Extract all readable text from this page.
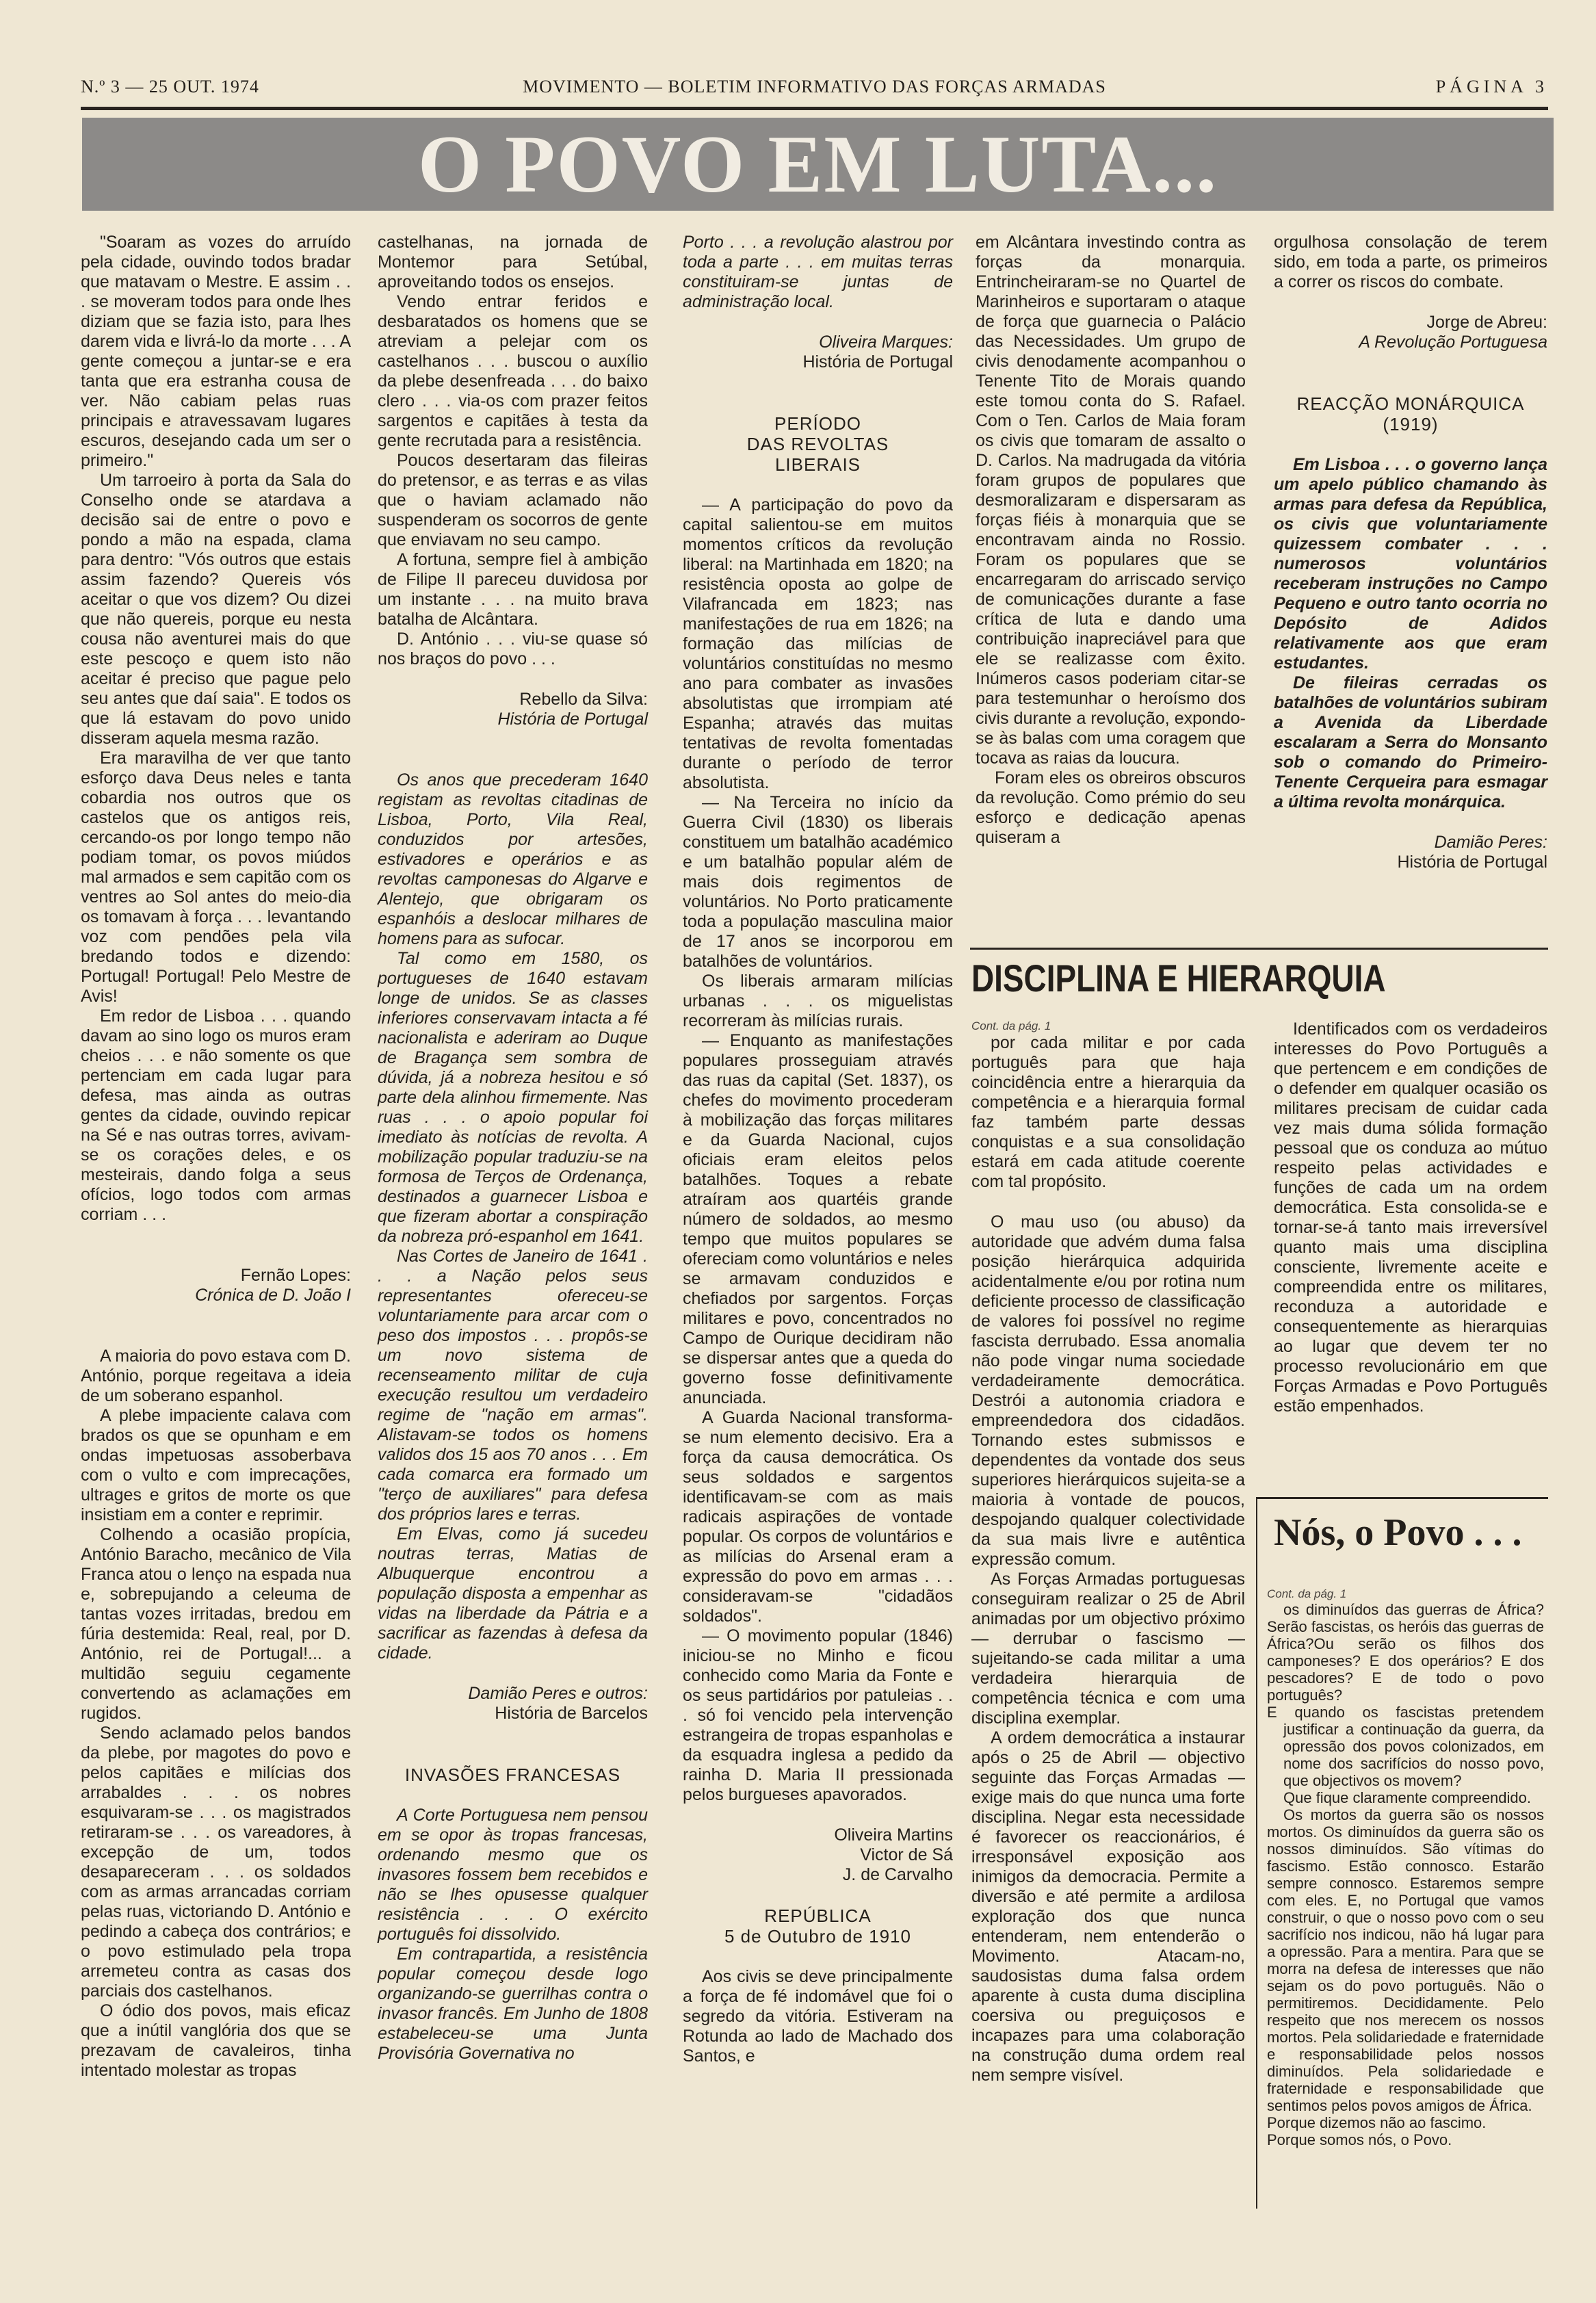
N.º 3 — 25 OUT. 1974	MOVIMENTO — BOLETIM INFORMATIVO DAS FORÇAS ARMADAS	PÁGINA 3
O POVO EM LUTA...

"Soaram as vozes do arruído pela cidade, ouvindo todos bradar que matavam o Mestre. E assim . . . se moveram todos para onde lhes diziam que se fazia isto, para lhes darem vida e livrá-lo da morte . . . A gente começou a juntar-se e era tanta que era estranha cousa de ver. Não cabiam pelas ruas principais e atravessavam lugares escuros, desejando cada um ser o primeiro."

Um tarroeiro à porta da Sala do Conselho onde se atardava a decisão sai de entre o povo e pondo a mão na espada, clama para dentro: "Vós outros que estais assim fazendo? Quereis vós aceitar o que vos dizem? Ou dizei que não quereis, porque eu nesta cousa não aventurei mais do que este pescoço e quem isto não aceitar é preciso que pague pelo seu antes que daí saia". E todos os que lá estavam do povo unido disseram aquela mesma razão.

Era maravilha de ver que tanto esforço dava Deus neles e tanta cobardia nos outros que os castelos que os antigos reis, cercando-os por longo tempo não podiam tomar, os povos miúdos mal armados e sem capitão com os ventres ao Sol antes do meio-dia os tomavam à força . . . levantando voz com pendões pela vila bredando todos e dizendo: Portugal! Portugal! Pelo Mestre de Avis!

Em redor de Lisboa . . . quando davam ao sino logo os muros eram cheios . . . e não somente os que pertenciam em cada lugar para defesa, mas ainda as outras gentes da cidade, ouvindo repicar na Sé e nas outras torres, avivam-se os corações deles, e os mesteirais, dando folga a seus ofícios, logo todos com armas corriam . . .

Fernão Lopes:
Crónica de D. João I

A maioria do povo estava com D. António, porque regeitava a ideia de um soberano espanhol.

A plebe impaciente calava com brados os que se opunham e em ondas impetuosas assoberbava com o vulto e com imprecações, ultrages e gritos de morte os que insistiam em a conter e reprimir.

Colhendo a ocasião propícia, António Baracho, mecânico de Vila Franca atou o lenço na espada nua e, sobrepujando a celeuma de tantas vozes irritadas, bredou em fúria destemida: Real, real, por D. António, rei de Portugal!... a multidão seguiu cegamente convertendo as aclamações em rugidos.

Sendo aclamado pelos bandos da plebe, por magotes do povo e pelos capitães e milícias dos arrabaldes . . . os nobres esquivaram-se . . . os magistrados retiraram-se . . . os vareadores, à excepção de um, todos desapareceram . . . os soldados com as armas arrancadas corriam pelas ruas, victoriando D. António e pedindo a cabeça dos contrários; e o povo estimulado pela tropa arremeteu contra as casas dos parciais dos castelhanos.

O ódio dos povos, mais eficaz que a inútil vanglória dos que se prezavam de cavaleiros, tinha intentado molestar as tropas

castelhanas, na jornada de Montemor para Setúbal, aproveitando todos os ensejos.

Vendo entrar feridos e desbaratados os homens que se atreviam a pelejar com os castelhanos . . . buscou o auxílio da plebe desenfreada . . . do baixo clero . . . via-os com prazer feitos sargentos e capitães à testa da gente recrutada para a resistência.

Poucos desertaram das fileiras do pretensor, e as terras e as vilas que o haviam aclamado não suspenderam os socorros de gente que enviavam no seu campo.

A fortuna, sempre fiel à ambição de Filipe II pareceu duvidosa por um instante . . . na muito brava batalha de Alcântara.

D. António . . . viu-se quase só nos braços do povo . . .

Rebello da Silva:
História de Portugal

Os anos que precederam 1640 registam as revoltas citadinas de Lisboa, Porto, Vila Real, conduzidos por artesões, estivadores e operários e as revoltas camponesas do Algarve e Alentejo, que obrigaram os espanhóis a deslocar milhares de homens para as sufocar.

Tal como em 1580, os portugueses de 1640 estavam longe de unidos. Se as classes inferiores conservavam intacta a fé nacionalista e aderiram ao Duque de Bragança sem sombra de dúvida, já a nobreza hesitou e só parte dela alinhou firmemente. Nas ruas . . . o apoio popular foi imediato às notícias de revolta. A mobilização popular traduziu-se na formosa de Terços de Ordenança, destinados a guarnecer Lisboa e que fizeram abortar a conspiração da nobreza pró-espanhol em 1641.

Nas Cortes de Janeiro de 1641 . . . a Nação pelos seus representantes ofereceu-se voluntariamente para arcar com o peso dos impostos . . . propôs-se um novo sistema de recenseamento militar de cuja execução resultou um verdadeiro regime de "nação em armas". Alistavam-se todos os homens validos dos 15 aos 70 anos . . . Em cada comarca era formado um "terço de auxiliares" para defesa dos próprios lares e terras.

Em Elvas, como já sucedeu noutras terras, Matias de Albuquerque encontrou a população disposta a empenhar as vidas na liberdade da Pátria e a sacrificar as fazendas à defesa da cidade.

Damião Peres e outros:
História de Barcelos

INVASÕES FRANCESAS

A Corte Portuguesa nem pensou em se opor às tropas francesas, ordenando mesmo que os invasores fossem bem recebidos e não se lhes opusesse qualquer resistência . . . O exército português foi dissolvido.

Em contrapartida, a resistência popular começou desde logo organizando-se guerrilhas contra o invasor francês. Em Junho de 1808 estabeleceu-se uma Junta Provisória Governativa no

Porto . . . a revolução alastrou por toda a parte . . . em muitas terras constituiram-se juntas de administração local.

Oliveira Marques:
História de Portugal

PERÍODO
DAS REVOLTAS
LIBERAIS

— A participação do povo da capital salientou-se em muitos momentos críticos da revolução liberal: na Martinhada em 1820; na resistência oposta ao golpe de Vilafrancada em 1823; nas manifestações de rua em 1826; na formação das milícias de voluntários constituídas no mesmo ano para combater as invasões absolutistas que irrompiam até Espanha; através das muitas tentativas de revolta fomentadas durante o período de terror absolutista.

— Na Terceira no início da Guerra Civil (1830) os liberais constituem um batalhão académico e um batalhão popular além de mais dois regimentos de voluntários. No Porto praticamente toda a população masculina maior de 17 anos se incorporou em batalhões de voluntários.

Os liberais armaram milícias urbanas . . . os miguelistas recorreram às milícias rurais.

— Enquanto as manifestações populares prosseguiam através das ruas da capital (Set. 1837), os chefes do movimento procederam à mobilização das forças militares e da Guarda Nacional, cujos oficiais eram eleitos pelos batalhões. Toques a rebate atraíram aos quartéis grande número de soldados, ao mesmo tempo que muitos populares se ofereciam como voluntários e neles se armavam conduzidos e chefiados por sargentos. Forças militares e povo, concentrados no Campo de Ourique decidiram não se dispersar antes que a queda do governo fosse definitivamente anunciada.

A Guarda Nacional transforma-se num elemento decisivo. Era a força da causa democrática. Os seus soldados e sargentos identificavam-se com as mais radicais aspirações de vontade popular. Os corpos de voluntários e as milícias do Arsenal eram a expressão do povo em armas . . . consideravam-se "cidadãos soldados".

— O movimento popular (1846) iniciou-se no Minho e ficou conhecido como Maria da Fonte e os seus partidários por patuleias . . . só foi vencido pela intervenção estrangeira de tropas espanholas e da esquadra inglesa a pedido da rainha D. Maria II pressionada pelos burgueses apavorados.

Oliveira Martins
Victor de Sá
J. de Carvalho

REPÚBLICA
5 de Outubro de 1910

Aos civis se deve principalmente a força de fé indomável que foi o segredo da vitória. Estiveram na Rotunda ao lado de Machado dos Santos, e

em Alcântara investindo contra as forças da monarquia. Entrincheiraram-se no Quartel de Marinheiros e suportaram o ataque de força que guarnecia o Palácio das Necessidades. Um grupo de civis denodamente acompanhou o Tenente Tito de Morais quando este tomou conta do S. Rafael. Com o Ten. Carlos de Maia foram os civis que tomaram de assalto o D. Carlos. Na madrugada da vitória foram grupos de populares que desmoralizaram e dispersaram as forças fiéis à monarquia que se encontravam ainda no Rossio. Foram os populares que se encarregaram do arriscado serviço de comunicações durante a fase crítica de luta e dando uma contribuição inapreciável para que ele se realizasse com êxito. Inúmeros casos poderiam citar-se para testemunhar o heroísmo dos civis durante a revolução, expondo-se às balas com uma coragem que tocava as raias da loucura.

Foram eles os obreiros obscuros da revolução. Como prémio do seu esforço e dedicação apenas quiseram a

orgulhosa consolação de terem sido, em toda a parte, os primeiros a correr os riscos do combate.

Jorge de Abreu:
A Revolução Portuguesa

REACÇÃO MONÁRQUICA
(1919)

Em Lisboa . . . o governo lança um apelo público chamando às armas para defesa da República, os civis que voluntariamente quizessem combater . . . numerosos voluntários receberam instruções no Campo Pequeno e outro tanto ocorria no Depósito de Adidos relativamente aos que eram estudantes.

De fileiras cerradas os batalhões de voluntários subiram a Avenida da Liberdade escalaram a Serra do Monsanto sob o comando do Primeiro-Tenente Cerqueira para esmagar a última revolta monárquica.

Damião Peres:
História de Portugal

DISCIPLINA E HIERARQUIA

Cont. da pág. 1

por cada militar e por cada português para que haja coincidência entre a hierarquia da competência e a hierarquia formal faz também parte dessas conquistas e a sua consolidação estará em cada atitude coerente com tal propósito.

O mau uso (ou abuso) da autoridade que advém duma falsa posição hierárquica adquirida acidentalmente e/ou por rotina num deficiente processo de classificação de valores foi possível no regime fascista derrubado. Essa anomalia não pode vingar numa sociedade verdadeiramente democrática. Destrói a autonomia criadora e empreendedora dos cidadãos. Tornando estes submissos e dependentes da vontade dos seus superiores hierárquicos sujeita-se a maioria à vontade de poucos, despojando qualquer colectividade da sua mais livre e autêntica expressão comum.

As Forças Armadas portuguesas conseguiram realizar o 25 de Abril animadas por um objectivo próximo — derrubar o fascismo — sujeitando-se cada militar a uma verdadeira hierarquia de competência técnica e com uma disciplina exemplar.

A ordem democrática a instaurar após o 25 de Abril — objectivo seguinte das Forças Armadas — exige mais do que nunca uma forte disciplina. Negar esta necessidade é favorecer os reaccionários, é irresponsável exposição aos inimigos da democracia. Permite a diversão e até permite a ardilosa exploração dos que nunca entenderam, nem entenderão o Movimento. Atacam-no, saudosistas duma falsa ordem aparente à custa duma disciplina coersiva ou preguiçosos e incapazes para uma colaboração na construção duma ordem real nem sempre visível.

Identificados com os verdadeiros interesses do Povo Português a que pertencem e em condições de o defender em qualquer ocasião os militares precisam de cuidar cada vez mais duma sólida formação pessoal que os conduza ao mútuo respeito pelas actividades e funções de cada um na ordem democrática. Esta consolida-se e tornar-se-á tanto mais irreversível quanto mais uma disciplina consciente, livremente aceite e compreendida entre os militares, reconduza a autoridade e consequentemente as hierarquias ao lugar que devem ter no processo revolucionário em que Forças Armadas e Povo Português estão empenhados.

Nós, o Povo . . .

Cont. da pág. 1

os diminuídos das guerras de África? Serão fascistas, os heróis das guerras de África?Ou serão os filhos dos camponeses? E dos operários? E dos pescadores? E de todo o povo português?

E quando os fascistas pretendem justificar a continuação da guerra, da opressão dos povos colonizados, em nome dos sacrifícios do nosso povo, que objectivos os movem?

Que fique claramente compreendido.

Os mortos da guerra são os nossos mortos. Os diminuídos da guerra são os nossos diminuídos. São vítimas do fascismo. Estão connosco. Estarão sempre connosco. Estaremos sempre com eles. E, no Portugal que vamos construir, o que o nosso povo com o seu sacrifício nos indicou, não há lugar para a opressão. Para a mentira. Para que se morra na defesa de interesses que não sejam os do povo português. Não o permitiremos. Decididamente. Pelo respeito que nos merecem os nossos mortos. Pela solidariedade e fraternidade e responsabilidade pelos nossos diminuídos. Pela solidariedade e fraternidade e responsabilidade que sentimos pelos povos amigos de África.

Porque dizemos não ao fascimo.

Porque somos nós, o Povo.
